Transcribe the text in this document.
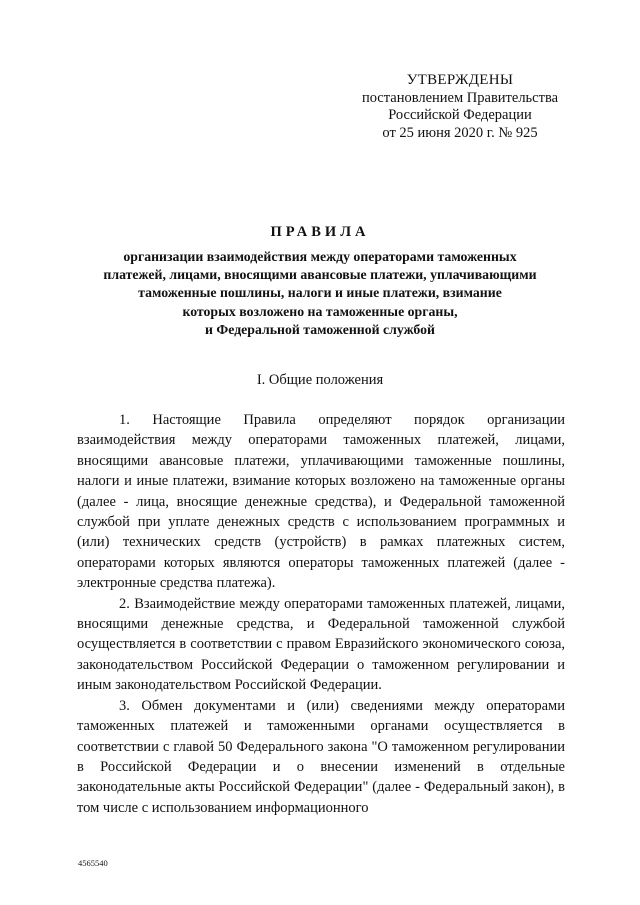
УТВЕРЖДЕНЫ
постановлением Правительства
Российской Федерации
от 25 июня 2020 г. № 925
ПРАВИЛА
организации взаимодействия между операторами таможенных
платежей, лицами, вносящими авансовые платежи, уплачивающими
таможенные пошлины, налоги и иные платежи, взимание
которых возложено на таможенные органы,
и Федеральной таможенной службой
I. Общие положения

1. Настоящие Правила определяют порядок организации взаимодействия между операторами таможенных платежей, лицами, вносящими авансовые платежи, уплачивающими таможенные пошлины, налоги и иные платежи, взимание которых возложено на таможенные органы (далее - лица, вносящие денежные средства), и Федеральной таможенной службой при уплате денежных средств с использованием программных и (или) технических средств (устройств) в рамках платежных систем, операторами которых являются операторы таможенных платежей (далее - электронные средства платежа).

2. Взаимодействие между операторами таможенных платежей, лицами, вносящими денежные средства, и Федеральной таможенной службой осуществляется в соответствии с правом Евразийского экономического союза, законодательством Российской Федерации о таможенном регулировании и иным законодательством Российской Федерации.

3. Обмен документами и (или) сведениями между операторами таможенных платежей и таможенными органами осуществляется в соответствии с главой 50 Федерального закона "О таможенном регулировании в Российской Федерации и о внесении изменений в отдельные законодательные акты Российской Федерации" (далее - Федеральный закон), в том числе с использованием информационного

4565540
